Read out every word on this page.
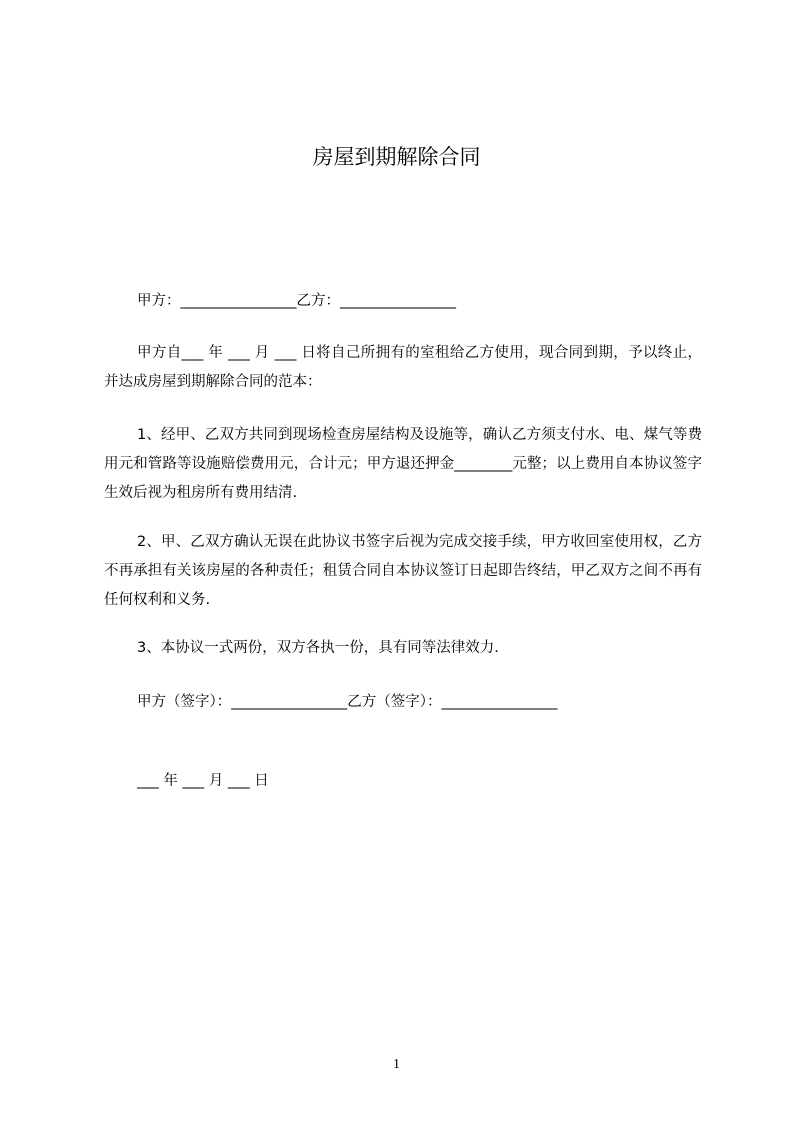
房屋到期解除合同
甲方：________________乙方：________________
甲方自___ 年 ___ 月 ___ 日将自己所拥有的室租给乙方使用，现合同到期，予以终止，并达成房屋到期解除合同的范本：
1、经甲、乙双方共同到现场检查房屋结构及设施等，确认乙方须支付水、电、煤气等费用元和管路等设施赔偿费用元，合计元；甲方退还押金________元整；以上费用自本协议签字生效后视为租房所有费用结清.
2、甲、乙双方确认无误在此协议书签字后视为完成交接手续，甲方收回室使用权，乙方不再承担有关该房屋的各种责任；租赁合同自本协议签订日起即告终结，甲乙双方之间不再有任何权利和义务.
3、本协议一式两份，双方各执一份，具有同等法律效力.
甲方（签字）：________________乙方（签字）：________________
___ 年 ___ 月 ___ 日
1
